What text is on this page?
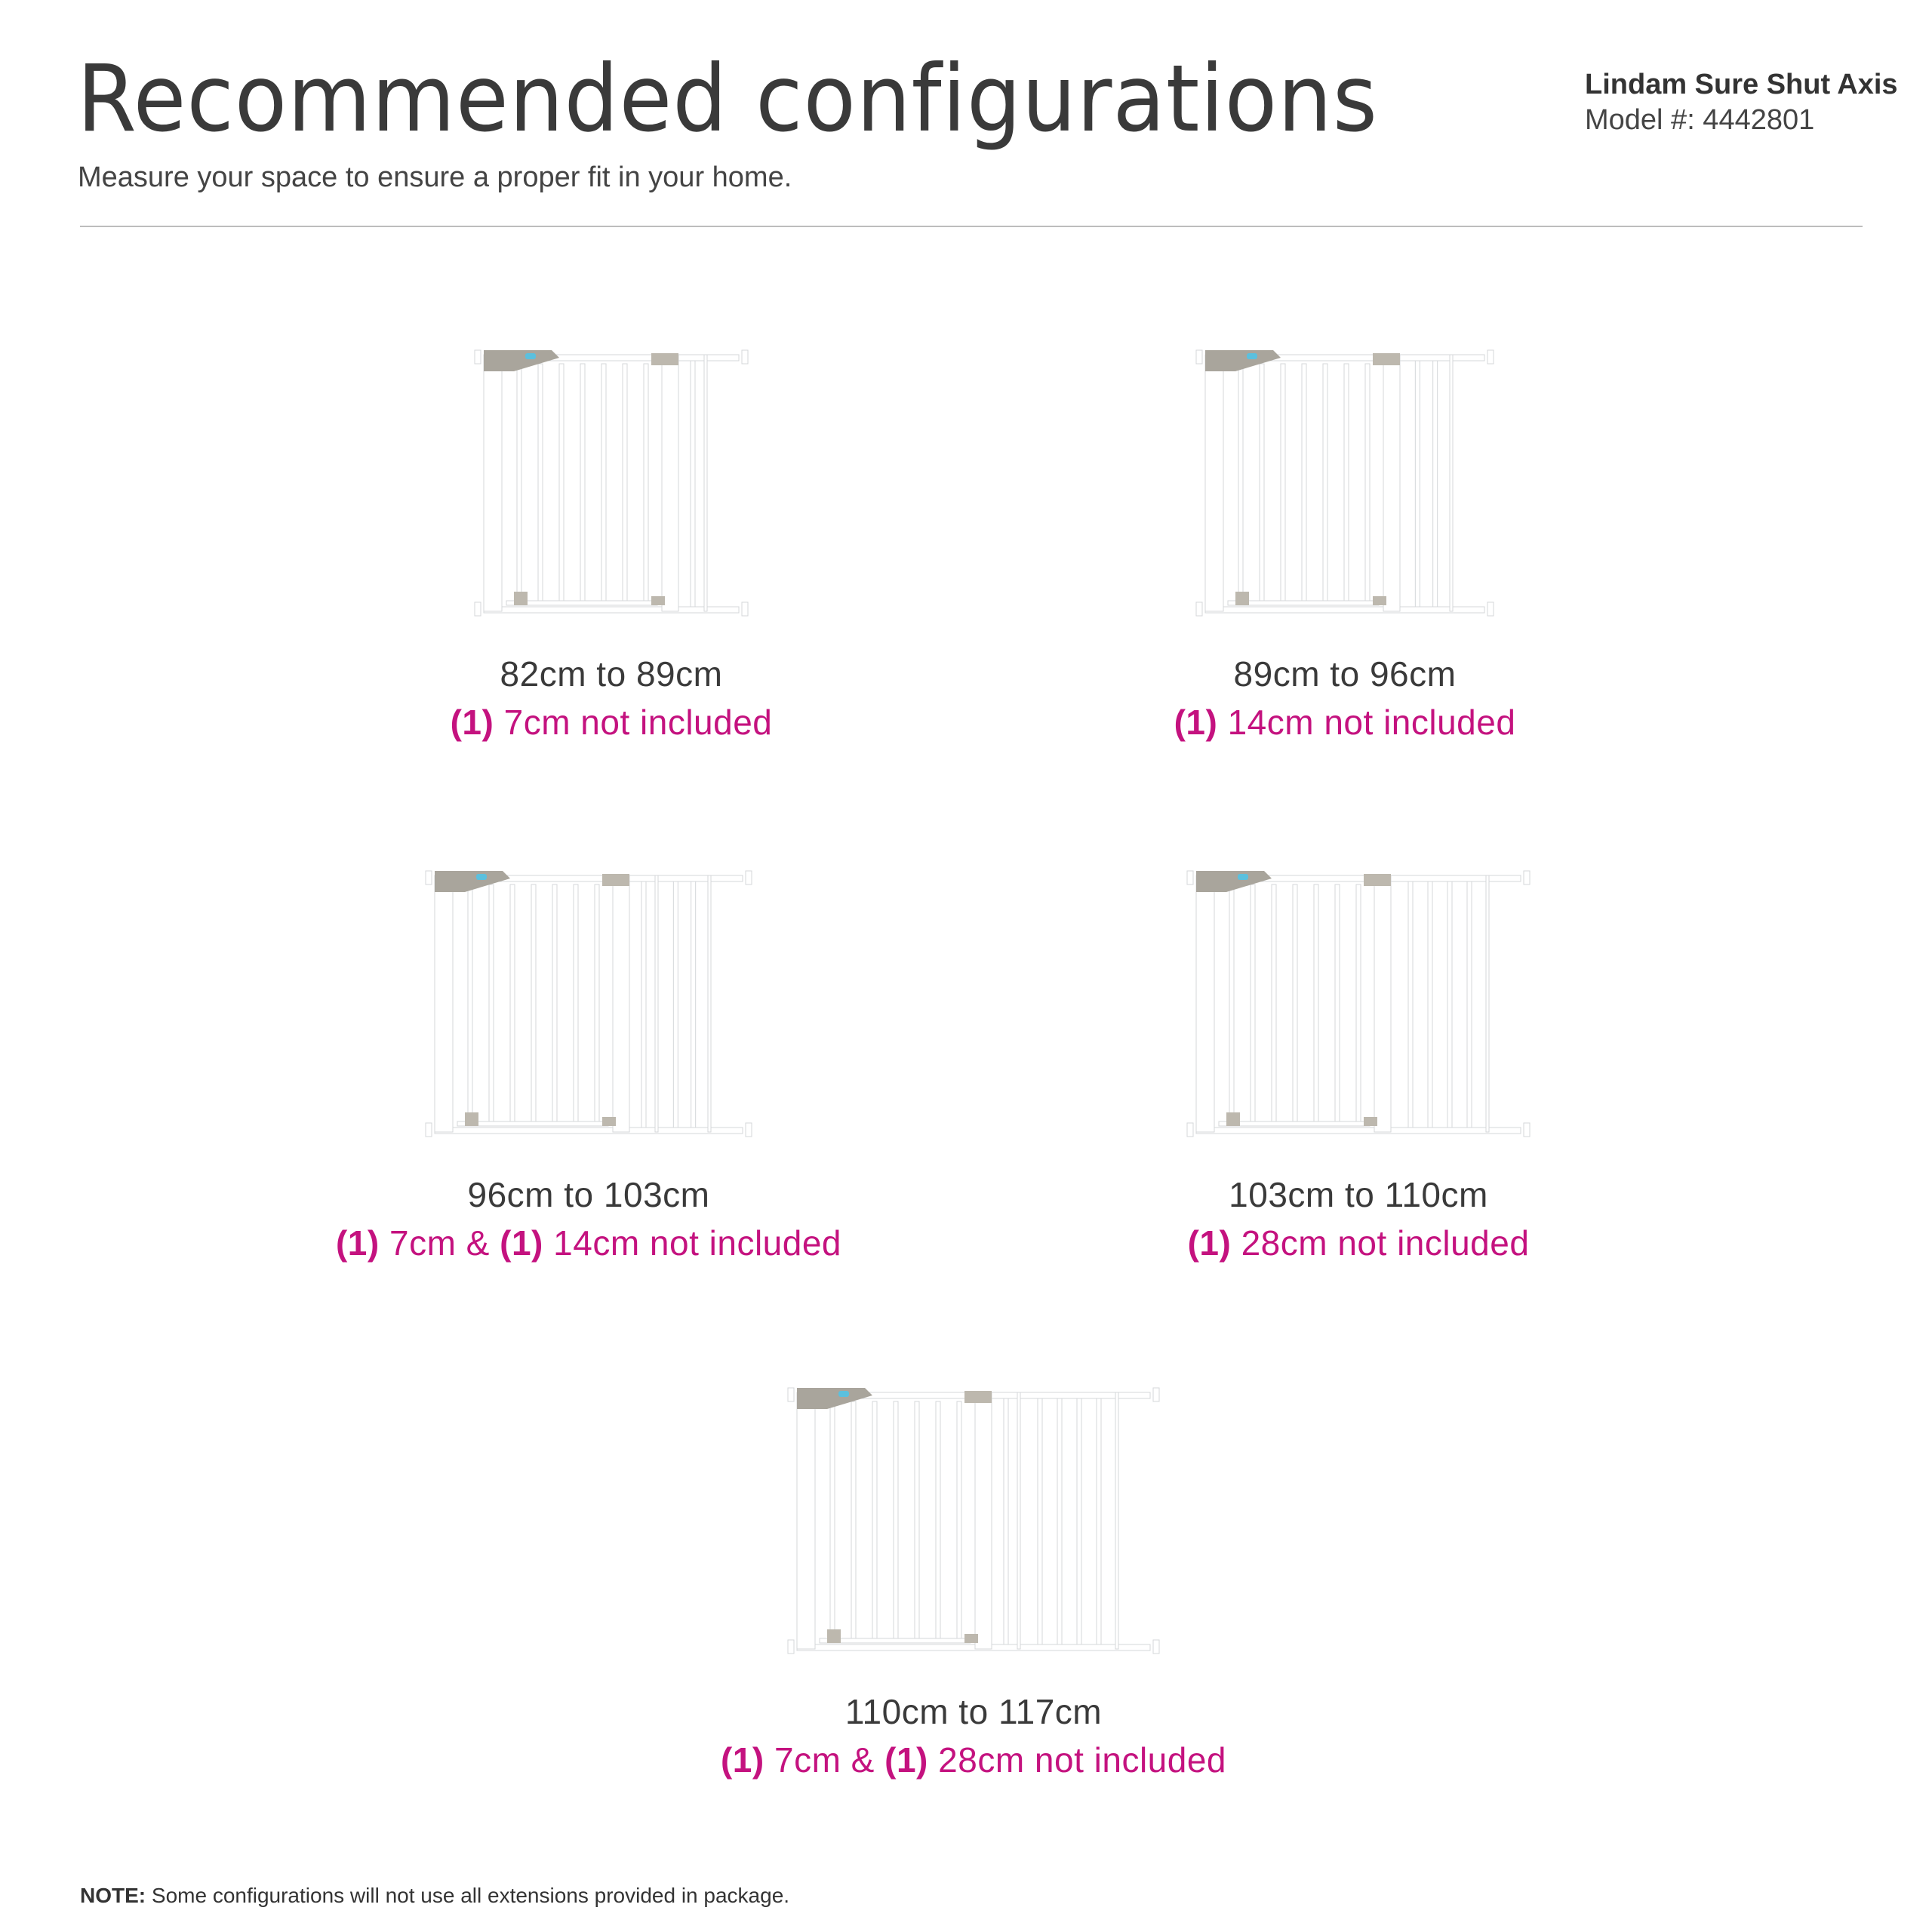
Recommended configurations
Measure your space to ensure a proper fit in your home.
Lindam Sure Shut Axis
Model #: 4442801
82cm to 89cm
(1) 7cm not included
89cm to 96cm
(1) 14cm not included
96cm to 103cm
(1) 7cm & (1) 14cm not included
103cm to 110cm
(1) 28cm not included
110cm to 117cm
(1) 7cm & (1) 28cm not included
NOTE: Some configurations will not use all extensions provided in package.
